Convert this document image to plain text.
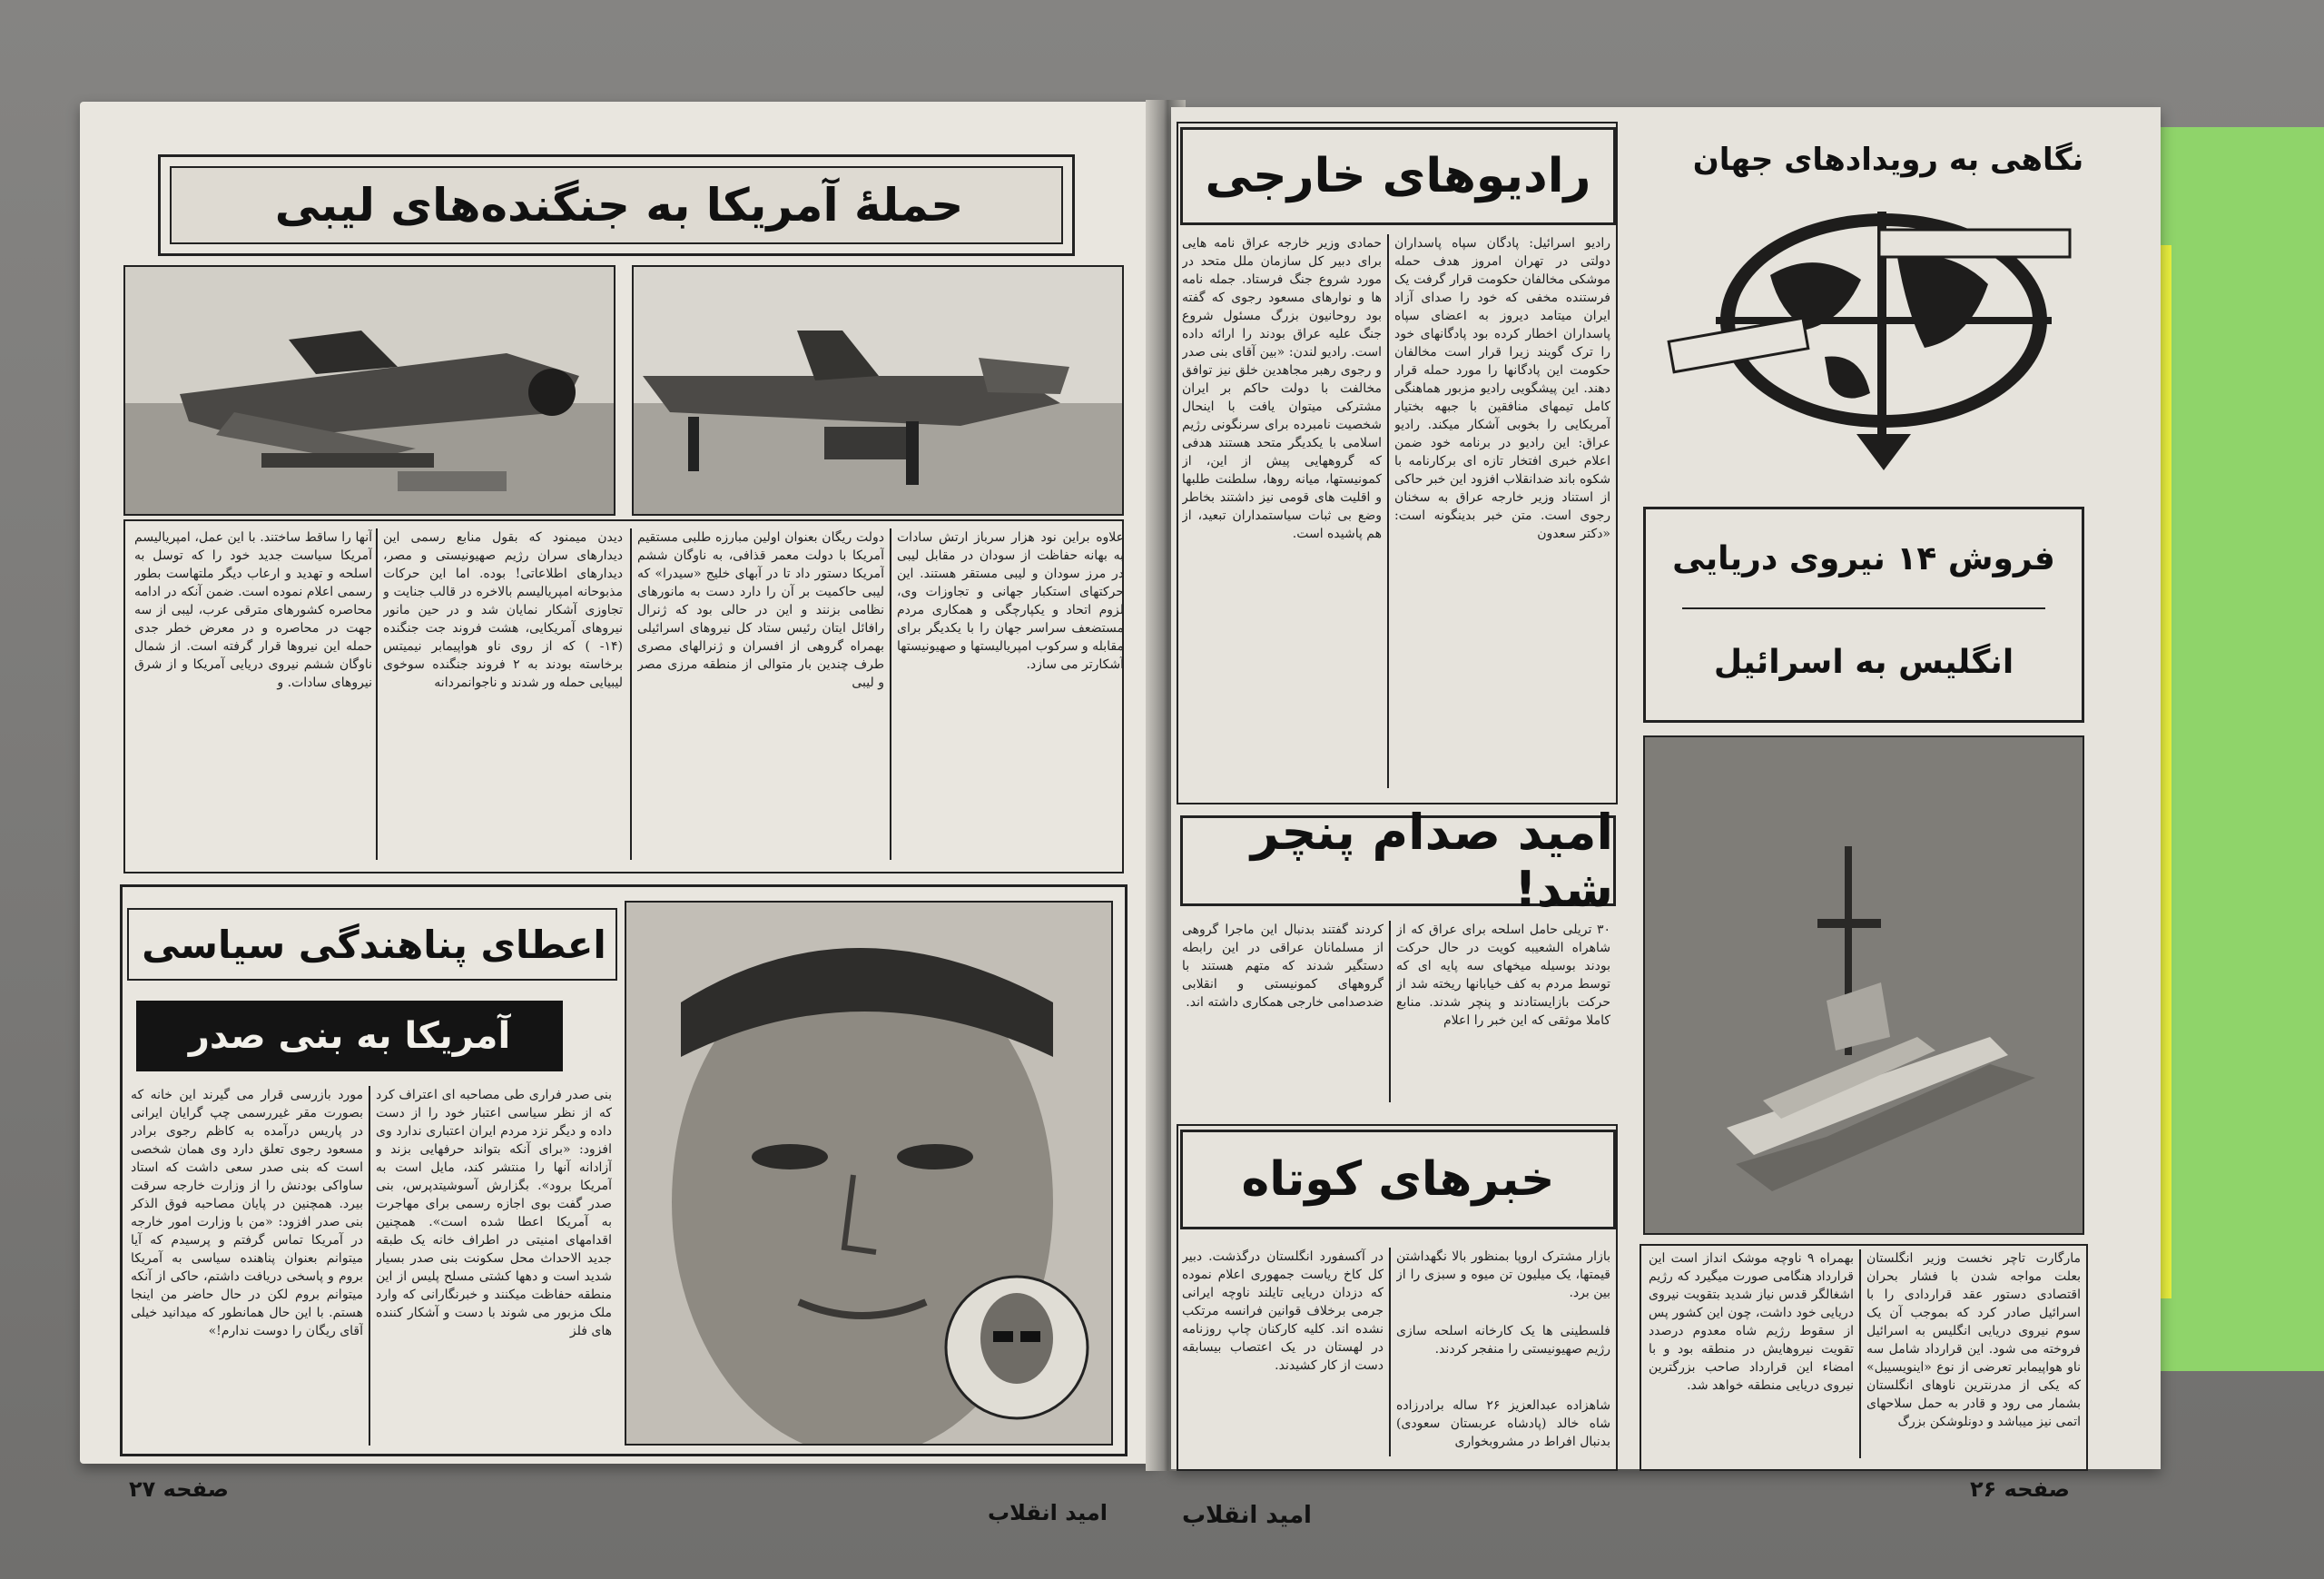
حملهٔ آمریکا به جنگنده‌های لیبی
دولت ریگان بعنوان اولین مبارزه طلبی مستقیم آمریکا با دولت معمر قذافی، به ناوگان ششم آمریکا دستور داد تا در آبهای خلیج «سیدرا» که لیبی حاکمیت بر آن را دارد دست به مانورهای نظامی بزنند و این در حالی بود که ژنرال رافائل ایتان رئیس ستاد کل نیروهای اسرائیلی بهمراه گروهی از افسران و ژنرالهای مصری طرف چندین بار متوالی از منطقه مرزی مصر و لیبی
دیدن میمنود که بقول منابع رسمی این دیدارهای سران رژیم صهیونیستی و مصر، دیدارهای اطلاعاتی! بوده. اما این حرکات مذبوحانه امپریالیسم بالاخره در قالب جنایت و تجاوزی آشکار نمایان شد و در حین مانور نیروهای آمریکایی، هشت فروند جت جنگنده (۱۴- ) که از روی ناو هواپیمابر نیمیتس برخاسته بودند به ۲ فروند جنگنده سوخوی لیبیایی حمله ور شدند و ناجوانمردانه
آنها را ساقط ساختند. با این عمل، امپریالیسم آمریکا سیاست جدید خود را که توسل به اسلحه و تهدید و ارعاب دیگر ملتهاست بطور رسمی اعلام نموده است. ضمن آنکه در ادامه محاصره کشورهای مترقی عرب، لیبی از سه جهت در محاصره و در معرض خطر جدی حمله این نیروها قرار گرفته است. از شمال ناوگان ششم نیروی دریایی آمریکا و از شرق نیروهای سادات. و
علاوه براین نود هزار سرباز ارتش سادات به بهانه حفاظت از سودان در مقابل لیبی در مرز سودان و لیبی مستقر هستند. این حرکتهای استکبار جهانی و تجاوزات وی، لزوم اتحاد و یکپارچگی و همکاری مردم مستضعف سراسر جهان را با یکدیگر برای مقابله و سرکوب امپریالیستها و صهیونیستها آشکارتر می سازد.
اعطای پناهندگی سیاسی
آمریکا به بنی صدر
بنی صدر فراری طی مصاحبه ای اعتراف کرد که از نظر سیاسی اعتبار خود را از دست داده و دیگر نزد مردم ایران اعتباری ندارد وی افزود: «برای آنکه بتواند حرفهایی بزند و آزادانه آنها را منتشر کند، مایل است به آمریکا برود». بگزارش آسوشیتدپرس، بنی صدر گفت بوی اجازه رسمی برای مهاجرت به آمریکا اعطا شده است». همچنین اقدامهای امنیتی در اطراف خانه یک طبقه جدید الاحداث محل سکونت بنی صدر بسیار شدید است و دهها کشتی مسلح پلیس از این منطقه حفاظت میکنند و خبرنگارانی که وارد ملک مزبور می شوند با دست و آشکار کننده های فلز
مورد بازرسی قرار می گیرند این خانه که بصورت مقر غیررسمی چپ گرایان ایرانی در پاریس درآمده به کاظم رجوی برادر مسعود رجوی تعلق دارد وی همان شخصی است که بنی صدر سعی داشت که استاد ساواکی بودنش را از وزارت خارجه سرقت بیرد. همچنین در پایان مصاحبه فوق الذکر بنی صدر افزود: «من با وزارت امور خارجه در آمریکا تماس گرفتم و پرسیدم که آیا میتوانم بعنوان پناهنده سیاسی به آمریکا بروم و پاسخی دریافت داشتم، حاکی از آنکه میتوانم بروم لکن در حال حاضر من اینجا هستم. با این حال همانطور که میدانید خیلی آقای ریگان را دوست ندارم!»
صفحه ۲۷
امید انقلاب
رادیوهای خارجی
رادیو اسرائیل: پادگان سپاه پاسداران دولتی در تهران امروز هدف حمله موشکی مخالفان حکومت قرار گرفت یک فرستنده مخفی که خود را صدای آزاد ایران میتامد دیروز به اعضای سپاه پاسداران اخطار کرده بود پادگانهای خود را ترک گویند زیرا قرار است مخالفان حکومت این پادگانها را مورد حمله قرار دهند. این پیشگویی رادیو مزبور هماهنگی کامل تیمهای منافقین با جبهه بختیار آمریکایی را بخوبی آشکار میکند. رادیو عراق: این رادیو در برنامه خود ضمن اعلام خبری افتخار تازه ای برکارنامه با شکوه باند ضدانقلاب افزود این خبر حاکی از استناد وزیر خارجه عراق به سخنان رجوی است. متن خبر بدینگونه است: «دکتر سعدون
حمادی وزیر خارجه عراق نامه هایی برای دبیر کل سازمان ملل متحد در مورد شروع جنگ فرستاد. جمله نامه ها و نوارهای مسعود رجوی که گفته بود روحانیون بزرگ مسئول شروع جنگ علیه عراق بودند را ارائه داده است. رادیو لندن: «بین آقای بنی صدر و رجوی رهبر مجاهدین خلق نیز توافق مخالفت با دولت حاکم بر ایران مشترکی میتوان یافت با اینحال شخصیت نامبرده برای سرنگونی رژیم اسلامی با یکدیگر متحد هستند هدفی که گروههایی پیش از این، از کمونیستها، میانه روها، سلطنت طلبها و اقلیت های قومی نیز داشتند بخاطر وضع بی ثبات سیاستمداران تبعید، از هم پاشیده است.
امید صدام پنچر شد!
۳۰ تریلی حامل اسلحه برای عراق که از شاهراه الشعیبه کویت در حال حرکت بودند بوسیله میخهای سه پایه ای که توسط مردم به کف خیابانها ریخته شد از حرکت بازایستادند و پنچر شدند. منابع کاملا موثقی که این خبر را اعلام
کردند گفتند بدنبال این ماجرا گروهی از مسلمانان عراقی در این رابطه دستگیر شدند که متهم هستند با گروههای کمونیستی و انقلابی ضدصدامی خارجی همکاری داشته اند.
خبرهای کوتاه
بازار مشترک اروپا بمنظور بالا نگهداشتن قیمتها، یک میلیون تن میوه و سبزی را از بین برد.
فلسطینی ها یک کارخانه اسلحه سازی رژیم صهیونیستی را منفجر کردند.
شاهزاده عبدالعزیز ۲۶ ساله برادرزاده شاه خالد (پادشاه عربستان سعودی) بدنبال افراط در مشروبخواری
در آکسفورد انگلستان درگذشت. دبیر کل کاخ ریاست جمهوری اعلام نموده که دزدان دریایی تایلند ناوچه ایرانی جرمی برخلاف قوانین فرانسه مرتکب نشده اند. کلیه کارکنان چاپ روزنامه در لهستان در یک اعتصاب بیسابقه دست از کار کشیدند.
نگاهی به رویدادهای جهان
فروش ۱۴ نیروی دریایی
انگلیس به اسرائیل
مارگارت تاچر نخست وزیر انگلستان بعلت مواجه شدن با فشار بحران اقتصادی دستور عقد قراردادی را با اسرائیل صادر کرد که بموجب آن یک سوم نیروی دریایی انگلیس به اسرائیل فروخته می شود. این قرارداد شامل سه ناو هواپیمابر تعرضی از نوع «اینویسیبل» که یکی از مدرنترین ناوهای انگلستان بشمار می رود و قادر به حمل سلاحهای اتمی نیز میباشد و دونلوشکن بزرگ
بهمراه ۹ ناوچه موشک انداز است این قرارداد هنگامی صورت میگیرد که رژیم اشغالگر قدس نیاز شدید بتقویت نیروی دریایی خود داشت، چون این کشور پس از سقوط رژیم شاه معدوم درصدد تقویت نیروهایش در منطقه بود و با امضاء این قرارداد صاحب بزرگترین نیروی دریایی منطقه خواهد شد.
امید انقلاب
صفحه ۲۶
